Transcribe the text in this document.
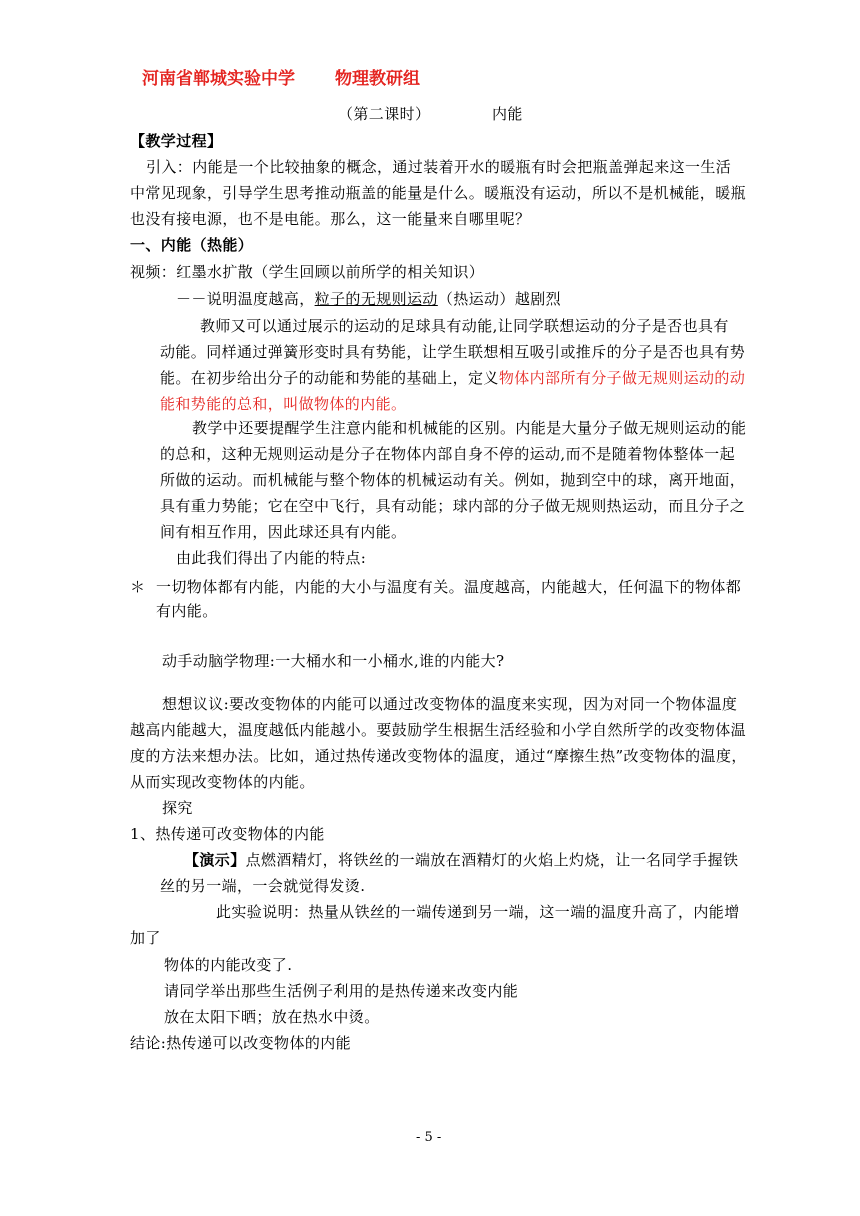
河南省郸城实验中学 物理教研组
（第二课时）	内能
【教学过程】
引入：内能是一个比较抽象的概念，通过装着开水的暖瓶有时会把瓶盖弹起来这一生活
中常见现象，引导学生思考推动瓶盖的能量是什么。暖瓶没有运动，所以不是机械能，暖瓶
也没有接电源，也不是电能。那么，这一能量来自哪里呢？
一、内能（热能）
视频：红墨水扩散（学生回顾以前所学的相关知识）
－－说明温度越高，粒子的无规则运动（热运动）越剧烈
教师又可以通过展示的运动的足球具有动能,让同学联想运动的分子是否也具有
动能。同样通过弹簧形变时具有势能，让学生联想相互吸引或推斥的分子是否也具有势
能。在初步给出分子的动能和势能的基础上，定义物体内部所有分子做无规则运动的动
能和势能的总和，叫做物体的内能。
教学中还要提醒学生注意内能和机械能的区别。内能是大量分子做无规则运动的能
的总和，这种无规则运动是分子在物体内部自身不停的运动,而不是随着物体整体一起
所做的运动。而机械能与整个物体的机械运动有关。例如，抛到空中的球，离开地面，
具有重力势能；它在空中飞行，具有动能；球内部的分子做无规则热运动，而且分子之
间有相互作用，因此球还具有内能。
由此我们得出了内能的特点:
＊ 一切物体都有内能，内能的大小与温度有关。温度越高，内能越大，任何温下的物体都
有内能。
动手动脑学物理:一大桶水和一小桶水,谁的内能大?
想想议议:要改变物体的内能可以通过改变物体的温度来实现，因为对同一个物体温度
越高内能越大，温度越低内能越小。要鼓励学生根据生活经验和小学自然所学的改变物体温
度的方法来想办法。比如，通过热传递改变物体的温度，通过“摩擦生热”改变物体的温度，
从而实现改变物体的内能。
探究
1、热传递可改变物体的内能
【演示】点燃酒精灯，将铁丝的一端放在酒精灯的火焰上灼烧，让一名同学手握铁
丝的另一端，一会就觉得发烫.
此实验说明：热量从铁丝的一端传递到另一端，这一端的温度升高了，内能增
加了
物体的内能改变了.
请同学举出那些生活例子利用的是热传递来改变内能
放在太阳下晒；放在热水中烫。
结论:热传递可以改变物体的内能
- 5 -
